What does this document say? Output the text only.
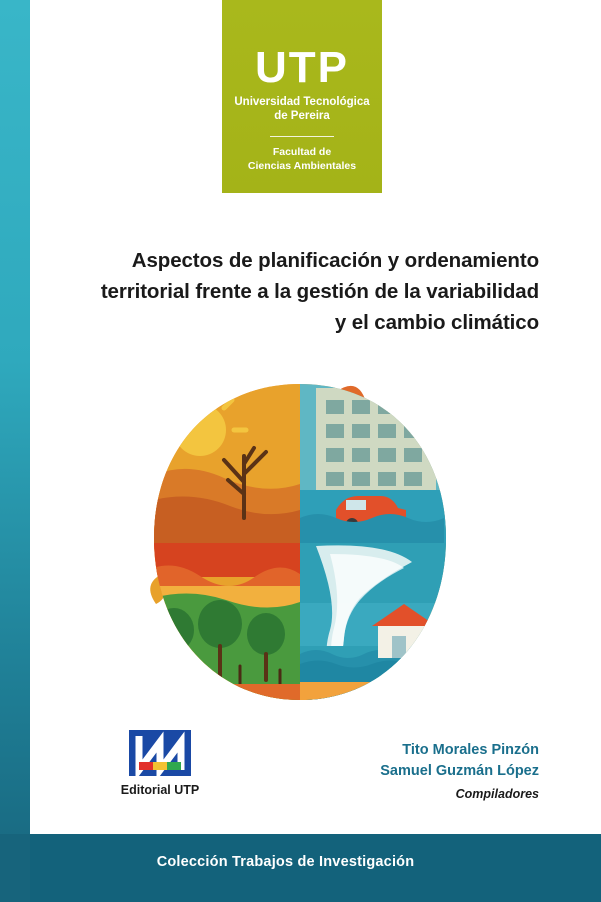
UTP
Universidad Tecnológica
de Pereira
Facultad de
Ciencias Ambientales
Aspectos de planificación y ordenamiento
territorial frente a la gestión de la variabilidad
y el cambio climático
Editorial UTP
Tito Morales Pinzón
Samuel Guzmán López
Compiladores
Colección Trabajos de Investigación
